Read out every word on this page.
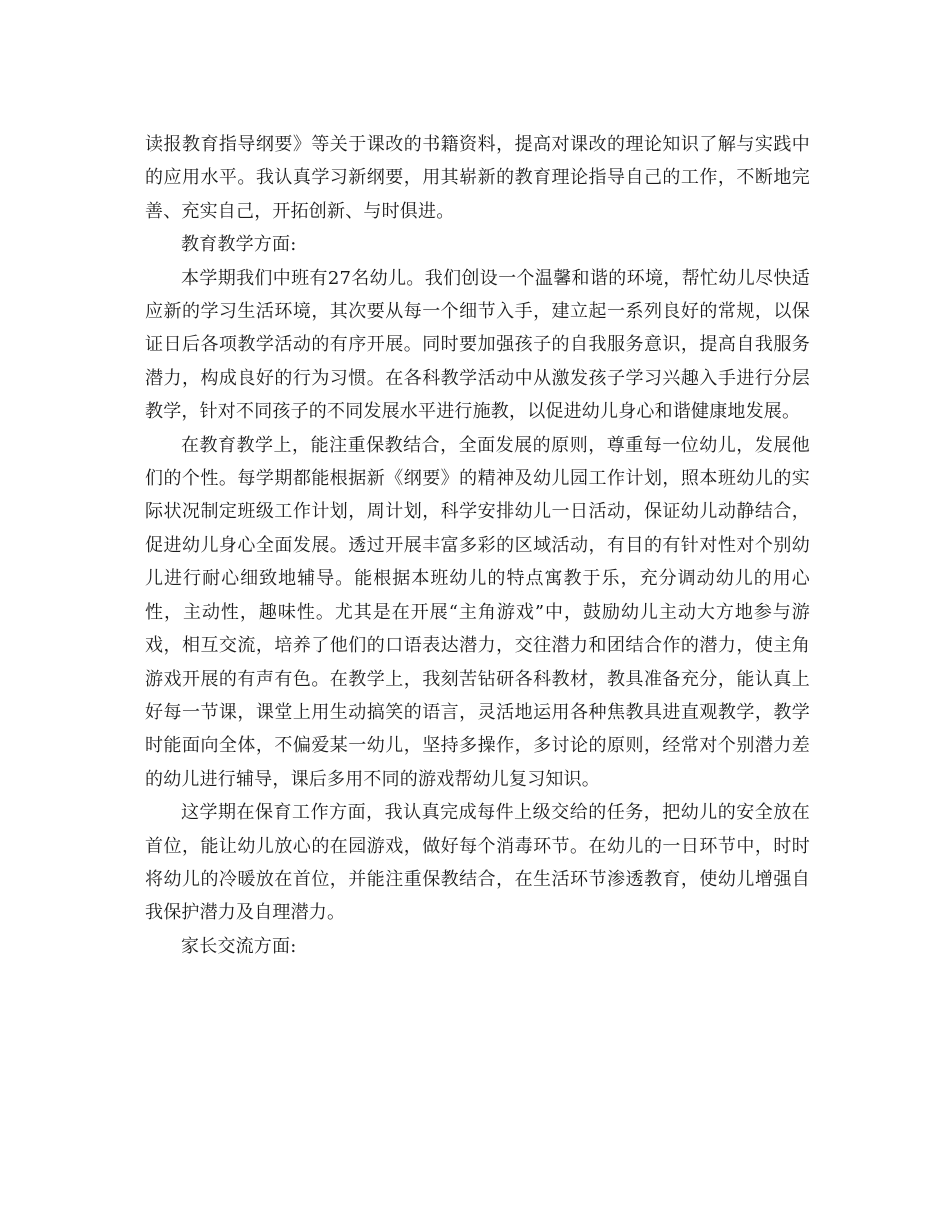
读报教育指导纲要》等关于课改的书籍资料，提高对课改的理论知识了解与实践中的应用水平。我认真学习新纲要，用其崭新的教育理论指导自己的工作，不断地完善、充实自己，开拓创新、与时俱进。

教育教学方面:

本学期我们中班有27名幼儿。我们创设一个温馨和谐的环境，帮忙幼儿尽快适应新的学习生活环境，其次要从每一个细节入手，建立起一系列良好的常规，以保证日后各项教学活动的有序开展。同时要加强孩子的自我服务意识，提高自我服务潜力，构成良好的行为习惯。在各科教学活动中从激发孩子学习兴趣入手进行分层教学，针对不同孩子的不同发展水平进行施教，以促进幼儿身心和谐健康地发展。

在教育教学上，能注重保教结合，全面发展的原则，尊重每一位幼儿，发展他们的个性。每学期都能根据新《纲要》的精神及幼儿园工作计划，照本班幼儿的实际状况制定班级工作计划，周计划，科学安排幼儿一日活动，保证幼儿动静结合，促进幼儿身心全面发展。透过开展丰富多彩的区域活动，有目的有针对性对个别幼儿进行耐心细致地辅导。能根据本班幼儿的特点寓教于乐，充分调动幼儿的用心性，主动性，趣味性。尤其是在开展“主角游戏”中，鼓励幼儿主动大方地参与游戏，相互交流，培养了他们的口语表达潜力，交往潜力和团结合作的潜力，使主角游戏开展的有声有色。在教学上，我刻苦钻研各科教材，教具准备充分，能认真上好每一节课，课堂上用生动搞笑的语言，灵活地运用各种焦教具进直观教学，教学时能面向全体，不偏爱某一幼儿，坚持多操作，多讨论的原则，经常对个别潜力差的幼儿进行辅导，课后多用不同的游戏帮幼儿复习知识。

这学期在保育工作方面，我认真完成每件上级交给的任务，把幼儿的安全放在首位，能让幼儿放心的在园游戏，做好每个消毒环节。在幼儿的一日环节中，时时将幼儿的冷暖放在首位，并能注重保教结合，在生活环节渗透教育，使幼儿增强自我保护潜力及自理潜力。

家长交流方面:
